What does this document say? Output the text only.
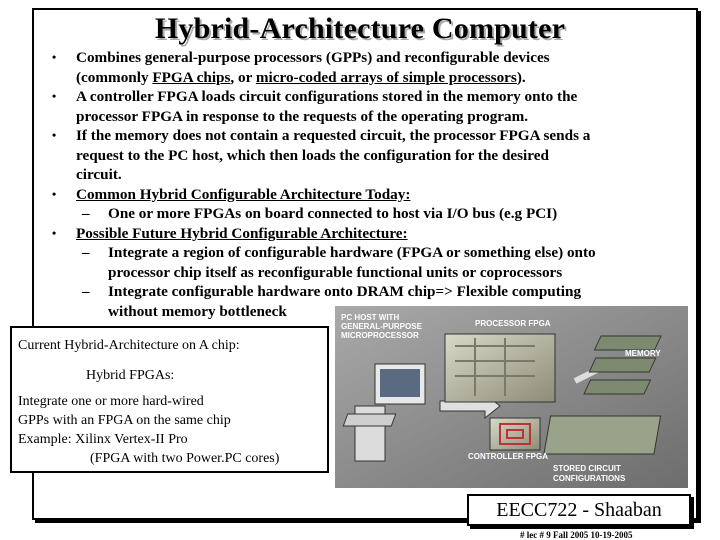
Hybrid-Architecture Computer
• Combines general-purpose processors (GPPs) and reconfigurable devices
(commonly FPGA chips, or micro-coded arrays of simple processors).
• A controller FPGA loads circuit configurations stored in the memory onto the
processor FPGA in response to the requests of the operating program.
• If the memory does not contain a requested circuit, the processor FPGA sends a
request to the PC host, which then loads the configuration for the desired
circuit.
• Common Hybrid Configurable Architecture Today:
– One or more FPGAs on board connected to host via I/O bus (e.g PCI)
• Possible Future Hybrid Configurable Architecture:
– Integrate a region of configurable hardware (FPGA or something else) onto
processor chip itself as reconfigurable functional units or coprocessors
– Integrate configurable hardware onto DRAM chip=> Flexible computing
without memory bottleneck	PC HOST WITH
GENERAL-PURPOSE
MICROPROCESSOR
PROCESSOR FPGA
MEMORY
CONTROLLER FPGA
STORED CIRCUIT
CONFIGURATIONS
Current Hybrid-Architecture on A chip:
Hybrid FPGAs:
Integrate one or more hard-wired
GPPs with an FPGA on the same chip
Example: Xilinx Vertex-II Pro
(FPGA with two Power.PC cores)
EECC722 - Shaaban
# lec # 9 Fall 2005 10-19-2005
